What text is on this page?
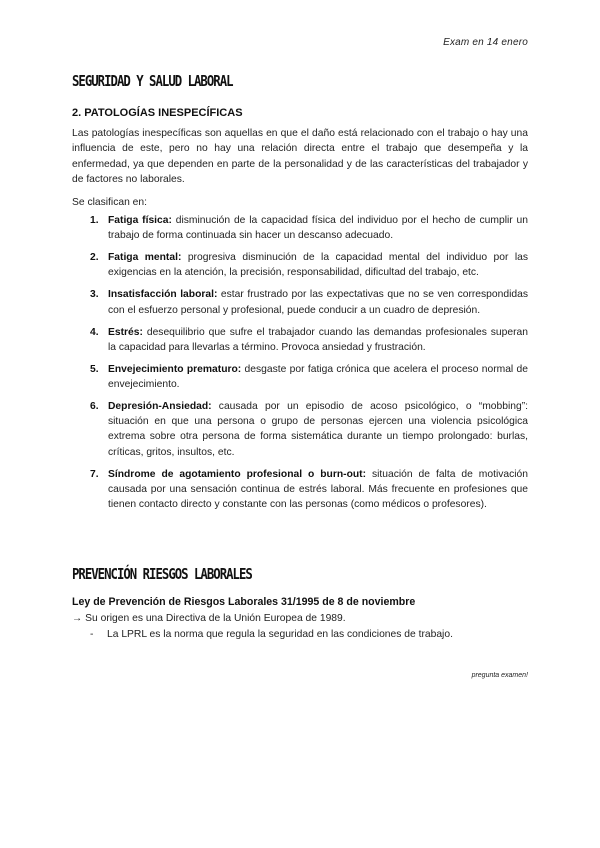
Exam en 14 enero
SEGURIDAD Y SALUD LABORAL
2. PATOLOGÍAS INESPECÍFICAS

Las patologías inespecíficas son aquellas en que el daño está relacionado con el trabajo o hay una influencia de este, pero no hay una relación directa entre el trabajo que desempeña y la enfermedad, ya que dependen en parte de la personalidad y de las características del trabajador y de factores no laborales.

Se clasifican en:

1. Fatiga física: disminución de la capacidad física del individuo por el hecho de cumplir un trabajo de forma continuada sin hacer un descanso adecuado.
2. Fatiga mental: progresiva disminución de la capacidad mental del individuo por las exigencias en la atención, la precisión, responsabilidad, dificultad del trabajo, etc.
3. Insatisfacción laboral: estar frustrado por las expectativas que no se ven correspondidas con el esfuerzo personal y profesional, puede conducir a un cuadro de depresión.
4. Estrés: desequilibrio que sufre el trabajador cuando las demandas profesionales superan la capacidad para llevarlas a término. Provoca ansiedad y frustración.
5. Envejecimiento prematuro: desgaste por fatiga crónica que acelera el proceso normal de envejecimiento.
6. Depresión-Ansiedad: causada por un episodio de acoso psicológico, o “mobbing”: situación en que una persona o grupo de personas ejercen una violencia psicológica extrema sobre otra persona de forma sistemática durante un tiempo prolongado: burlas, críticas, gritos, insultos, etc.
7. Síndrome de agotamiento profesional o burn-out: situación de falta de motivación causada por una sensación continua de estrés laboral. Más frecuente en profesiones que tienen contacto directo y constante con las personas (como médicos o profesores).
PREVENCIÓN RIESGOS LABORALES
Ley de Prevención de Riesgos Laborales 31/1995 de 8 de noviembre
→ Su origen es una Directiva de la Unión Europea de 1989.
- La LPRL es la norma que regula la seguridad en las condiciones de trabajo.
pregunta examen!
